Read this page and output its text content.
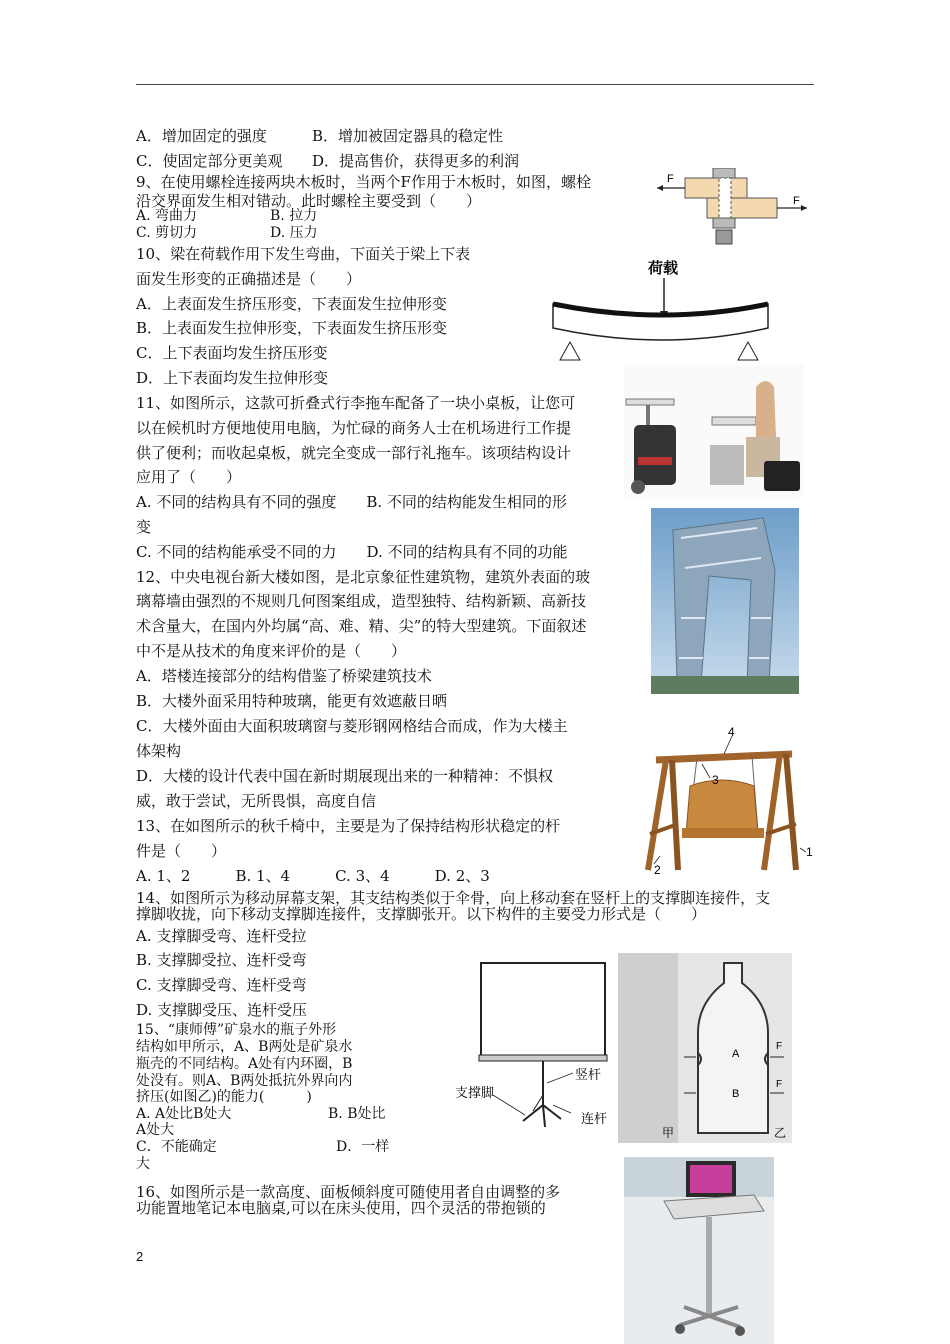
A．增加固定的强度	B．增加被固定器具的稳定性
C．使固定部分更美观 D．提高售价，获得更多的利润
9、在使用螺栓连接两块木板时，当两个F作用于木板时，如图，螺栓
沿交界面发生相对错动。此时螺栓主要受到（　　）
A. 弯曲力	B. 拉力
C. 剪切力	D. 压力
F
F
10、梁在荷载作用下发生弯曲，下面关于梁上下表
面发生形变的正确描述是（　　）
A．上表面发生挤压形变，下表面发生拉伸形变
B．上表面发生拉伸形变，下表面发生挤压形变
C．上下表面均发生挤压形变
D．上下表面均发生拉伸形变
荷载
11、如图所示，这款可折叠式行李拖车配备了一块小桌板，让您可
以在候机时方便地使用电脑，为忙碌的商务人士在机场进行工作提
供了便利；而收起桌板，就完全变成一部行礼拖车。该项结构设计
应用了（　　）
A. 不同的结构具有不同的强度　　B. 不同的结构能发生相同的形
变
C. 不同的结构能承受不同的力　　D. 不同的结构具有不同的功能
12、中央电视台新大楼如图，是北京象征性建筑物，建筑外表面的玻
璃幕墙由强烈的不规则几何图案组成，造型独特、结构新颖、高新技
术含量大，在国内外均属“高、难、精、尖”的特大型建筑。下面叙述
中不是从技术的角度来评价的是（　　）
A．塔楼连接部分的结构借鉴了桥梁建筑技术
B．大楼外面采用特种玻璃，能更有效遮蔽日晒
C．大楼外面由大面积玻璃窗与菱形钢网格结合而成，作为大楼主
体架构
D．大楼的设计代表中国在新时期展现出来的一种精神：不惧权
威，敢于尝试，无所畏惧，高度自信
4
3
2
1
13、在如图所示的秋千椅中，主要是为了保持结构形状稳定的杆
件是（　　）
A. 1、2　　　B. 1、4　　　C. 3、4　　　D. 2、3
14、如图所示为移动屏幕支架，其支结构类似于伞骨，向上移动套在竖杆上的支撑脚连接件，支
撑脚收拢，向下移动支撑脚连接件，支撑脚张开。以下构件的主要受力形式是（　　）
A. 支撑脚受弯、连杆受拉
B. 支撑脚受拉、连杆受弯
C. 支撑脚受弯、连杆受弯
D. 支撑脚受压、连杆受压
支撑脚
竖杆
连杆
A
B
F
F
甲	乙
15、“康师傅”矿泉水的瓶子外形
结构如甲所示，A、B两处是矿泉水
瓶壳的不同结构。A处有内环圈，B
处没有。则A、B两处抵抗外界向内
挤压(如图乙)的能力(　　　)
A. A处比B处大	B. B处比
A处大
C．不能确定	D．一样
大
16、如图所示是一款高度、面板倾斜度可随使用者自由调整的多
功能置地笔记本电脑桌,可以在床头使用，四个灵活的带抱锁的
2
